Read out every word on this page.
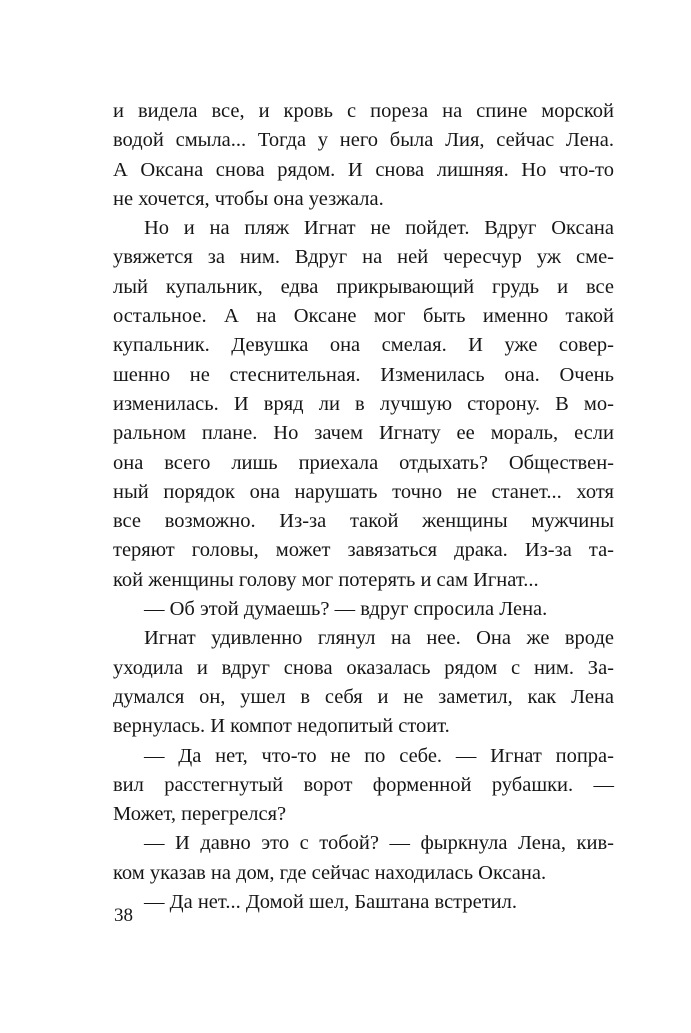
и видела все, и кровь с пореза на спине морской
водой смыла... Тогда у него была Лия, сейчас Лена.
А Оксана снова рядом. И снова лишняя. Но что-то
не хочется, чтобы она уезжала.
Но и на пляж Игнат не пойдет. Вдруг Оксана
увяжется за ним. Вдруг на ней чересчур уж сме-
лый купальник, едва прикрывающий грудь и все
остальное. А на Оксане мог быть именно такой
купальник. Девушка она смелая. И уже совер-
шенно не стеснительная. Изменилась она. Очень
изменилась. И вряд ли в лучшую сторону. В мо-
ральном плане. Но зачем Игнату ее мораль, если
она всего лишь приехала отдыхать? Обществен-
ный порядок она нарушать точно не станет... хотя
все возможно. Из-за такой женщины мужчины
теряют головы, может завязаться драка. Из-за та-
кой женщины голову мог потерять и сам Игнат...
— Об этой думаешь? — вдруг спросила Лена.
Игнат удивленно глянул на нее. Она же вроде
уходила и вдруг снова оказалась рядом с ним. За-
думался он, ушел в себя и не заметил, как Лена
вернулась. И компот недопитый стоит.
— Да нет, что-то не по себе. — Игнат попра-
вил расстегнутый ворот форменной рубашки. —
Может, перегрелся?
— И давно это с тобой? — фыркнула Лена, кив-
ком указав на дом, где сейчас находилась Оксана.
— Да нет... Домой шел, Баштана встретил.
38
